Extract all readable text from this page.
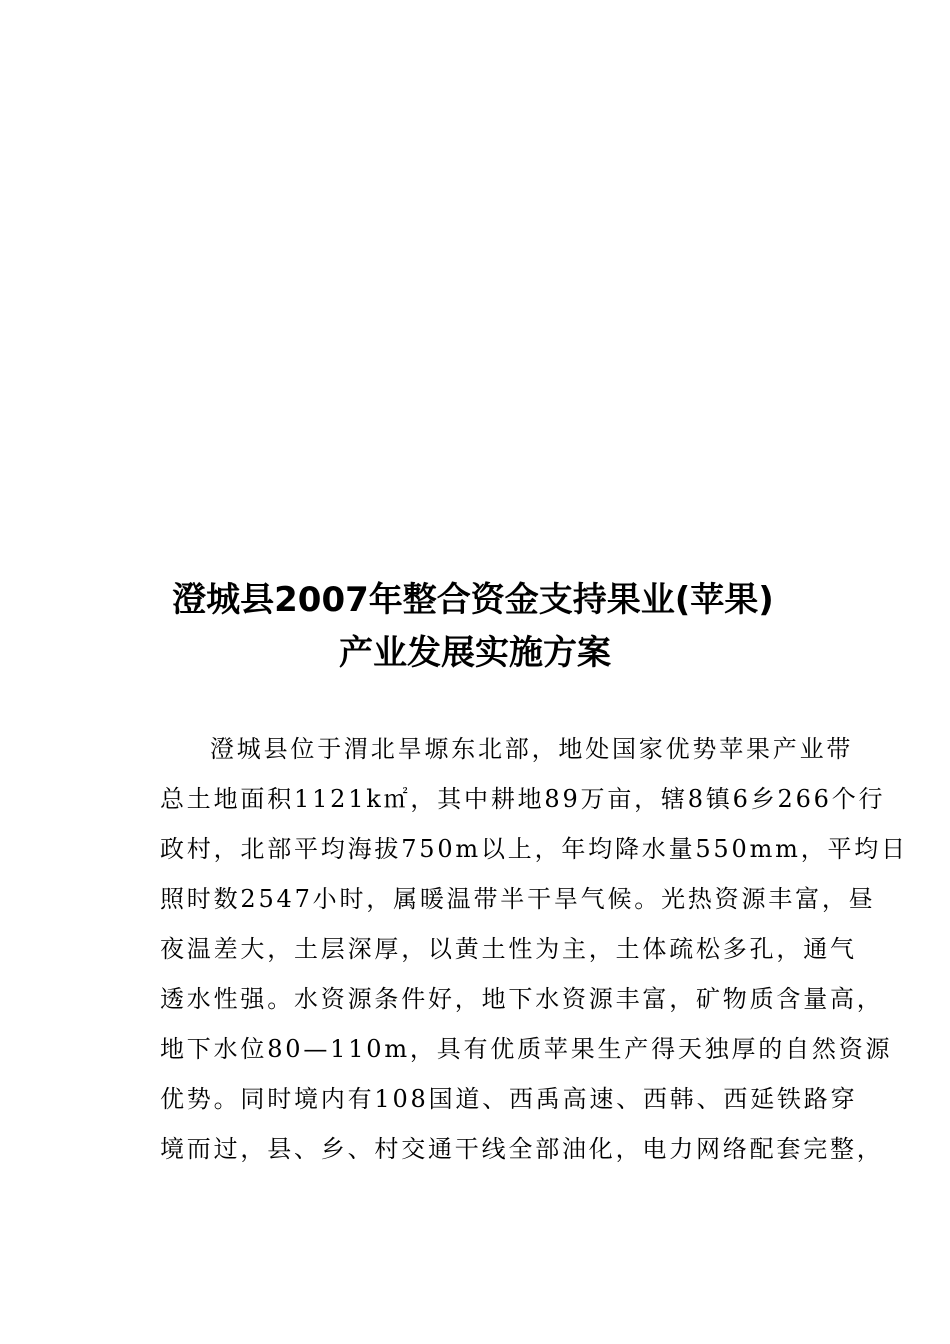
澄城县2007年整合资金支持果业(苹果)
产业发展实施方案
澄城县位于渭北旱塬东北部，地处国家优势苹果产业带
总土地面积1121k㎡，其中耕地89万亩，辖8镇6乡266个行
政村，北部平均海拔750m以上，年均降水量550mm，平均日
照时数2547小时，属暖温带半干旱气候。光热资源丰富，昼
夜温差大，土层深厚，以黄土性为主，土体疏松多孔，通气
透水性强。水资源条件好，地下水资源丰富，矿物质含量高，
地下水位80—110m，具有优质苹果生产得天独厚的自然资源
优势。同时境内有108国道、西禹高速、西韩、西延铁路穿
境而过，县、乡、村交通干线全部油化，电力网络配套完整，
